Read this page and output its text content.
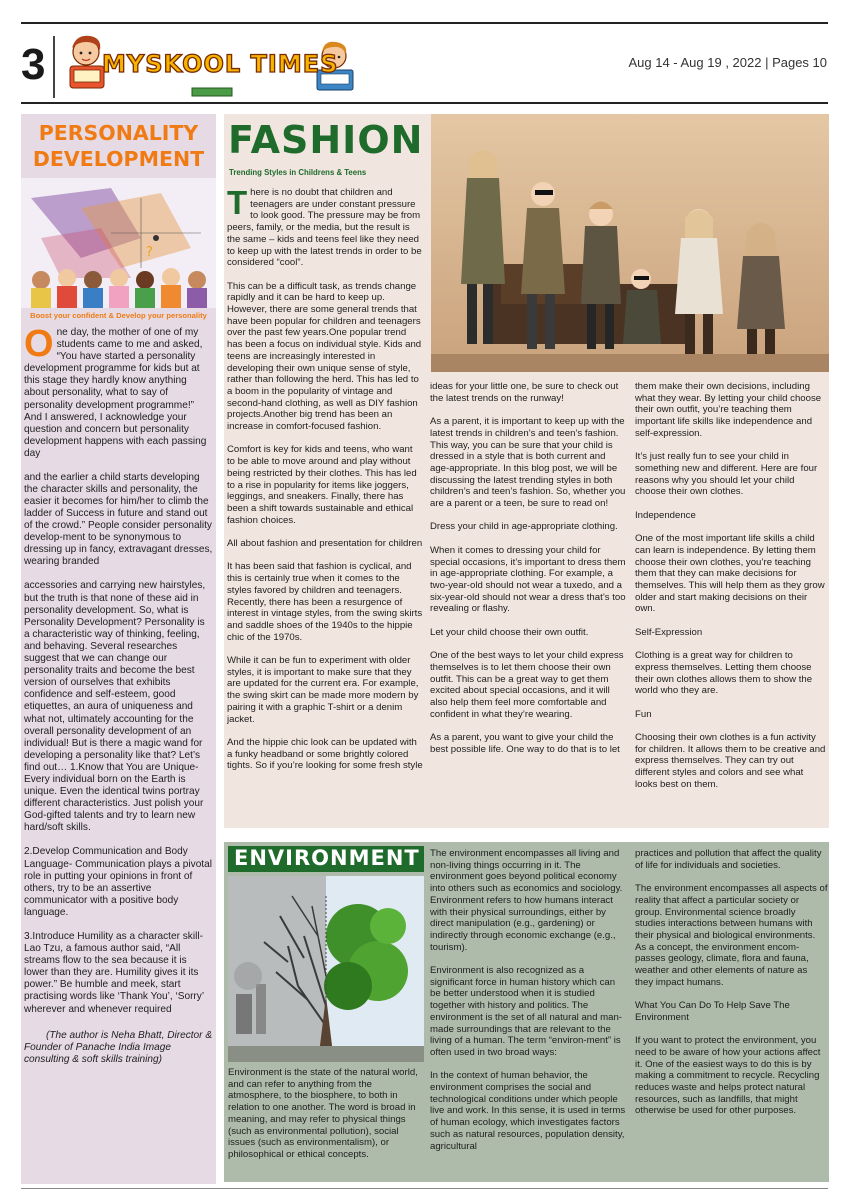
3 MYSKOOL TIMES	Aug 14 - Aug 19 , 2022 | Pages 10
PERSONALITY
DEVELOPMENT
?
Boost your confident & Develop your personality

One day, the mother of one of my students came to me and asked, “You have started a personality development programme for kids but at this stage they hardly know anything about personality, what to say of personality development programme!” And I answered, I acknowledge your question and concern but personality development happens with each passing day

and the earlier a child starts developing the character skills and personality, the easier it becomes for him/her to climb the ladder of Success in future and stand out of the crowd.” People consider personality develop-ment to be synonymous to dressing up in fancy, extravagant dresses, wearing branded

accessories and carrying new hairstyles, but the truth is that none of these aid in personality development. So, what is Personality Development? Personality is a characteristic way of thinking, feeling, and behaving. Several researches suggest that we can change our personality traits and become the best version of ourselves that exhibits confidence and self-esteem, good etiquettes, an aura of uniqueness and what not, ultimately accounting for the overall personality development of an individual! But is there a magic wand for developing a personality like that? Let’s find out… 1.Know that You are Unique- Every individual born on the Earth is unique. Even the identical twins portray different characteristics. Just polish your God-gifted talents and try to learn new hard/soft skills.

2.Develop Communication and Body Language- Communication plays a pivotal role in putting your opinions in front of others, try to be an assertive communicator with a positive body language.

3.Introduce Humility as a character skill- Lao Tzu, a famous author said, “All streams flow to the sea because it is lower than they are. Humility gives it its power.” Be humble and meek, start practising words like ‘Thank You’, ‘Sorry’ wherever and whenever required

(The author is Neha Bhatt, Director & Founder of Panache India Image consulting & soft skills training)

FASHION
Trending Styles in Childrens & Teens

There is no doubt that children and teenagers are under constant pressure to look good. The pressure may be from peers, family, or the media, but the result is the same – kids and teens feel like they need to keep up with the latest trends in order to be considered “cool”.

This can be a difficult task, as trends change rapidly and it can be hard to keep up. However, there are some general trends that have been popular for children and teenagers over the past few years.One popular trend has been a focus on individual style. Kids and teens are increasingly interested in developing their own unique sense of style, rather than following the herd. This has led to a boom in the popularity of vintage and second-hand clothing, as well as DIY fashion projects.Another big trend has been an increase in comfort-focused fashion.

Comfort is key for kids and teens, who want to be able to move around and play without being restricted by their clothes. This has led to a rise in popularity for items like joggers, leggings, and sneakers. Finally, there has been a shift towards sustainable and ethical fashion choices.

All about fashion and presentation for children

It has been said that fashion is cyclical, and this is certainly true when it comes to the styles favored by children and teenagers. Recently, there has been a resurgence of interest in vintage styles, from the swing skirts and saddle shoes of the 1940s to the hippie chic of the 1970s.

While it can be fun to experiment with older styles, it is important to make sure that they are updated for the current era. For example, the swing skirt can be made more modern by pairing it with a graphic T-shirt or a denim jacket.

And the hippie chic look can be updated with a funky headband or some brightly colored tights. So if you’re looking for some fresh style

ideas for your little one, be sure to check out the latest trends on the runway!

As a parent, it is important to keep up with the latest trends in children’s and teen’s fashion. This way, you can be sure that your child is dressed in a style that is both current and age-appropriate. In this blog post, we will be discussing the latest trending styles in both children’s and teen’s fashion. So, whether you are a parent or a teen, be sure to read on!

Dress your child in age-appropriate clothing.

When it comes to dressing your child for special occasions, it’s important to dress them in age-appropriate clothing. For example, a two-year-old should not wear a tuxedo, and a six-year-old should not wear a dress that’s too revealing or flashy.

Let your child choose their own outfit.

One of the best ways to let your child express themselves is to let them choose their own outfit. This can be a great way to get them excited about special occasions, and it will also help them feel more comfortable and confident in what they’re wearing.

As a parent, you want to give your child the best possible life. One way to do that is to let

them make their own decisions, including what they wear. By letting your child choose their own outfit, you’re teaching them important life skills like independence and self-expression.

It’s just really fun to see your child in something new and different. Here are four reasons why you should let your child choose their own clothes.

Independence

One of the most important life skills a child can learn is independence. By letting them choose their own clothes, you’re teaching them that they can make decisions for themselves. This will help them as they grow older and start making decisions on their own.

Self-Expression

Clothing is a great way for children to express themselves. Letting them choose their own clothes allows them to show the world who they are.

Fun

Choosing their own clothes is a fun activity for children. It allows them to be creative and express themselves. They can try out different styles and colors and see what looks best on them.

ENVIRONMENT

Environment is the state of the natural world, and can refer to anything from the atmosphere, to the biosphere, to both in relation to one another. The word is broad in meaning, and may refer to physical things (such as environmental pollution), social issues (such as environmentalism), or philosophical or ethical concepts.

The environment encompasses all living and non-living things occurring in it. The environment goes beyond political economy into others such as economics and sociology. Environment refers to how humans interact with their physical surroundings, either by direct manipulation (e.g., gardening) or indirectly through economic exchange (e.g., tourism).

Environment is also recognized as a significant force in human history which can be better understood when it is studied together with history and politics. The environment is the set of all natural and man-made surroundings that are relevant to the living of a human. The term “environ-ment” is often used in two broad ways:

In the context of human behavior, the environment comprises the social and technological conditions under which people live and work. In this sense, it is used in terms of human ecology, which investigates factors such as natural resources, population density, agricultural

practices and pollution that affect the quality of life for individuals and societies.

The environment encompasses all aspects of reality that affect a particular society or group. Environmental science broadly studies interactions between humans with their physical and biological environments. As a concept, the environment encom-passes geology, climate, flora and fauna, weather and other elements of nature as they impact humans.

What You Can Do To Help Save The Environment

If you want to protect the environment, you need to be aware of how your actions affect it. One of the easiest ways to do this is by making a commitment to recycle. Recycling reduces waste and helps protect natural resources, such as landfills, that might otherwise be used for other purposes.
